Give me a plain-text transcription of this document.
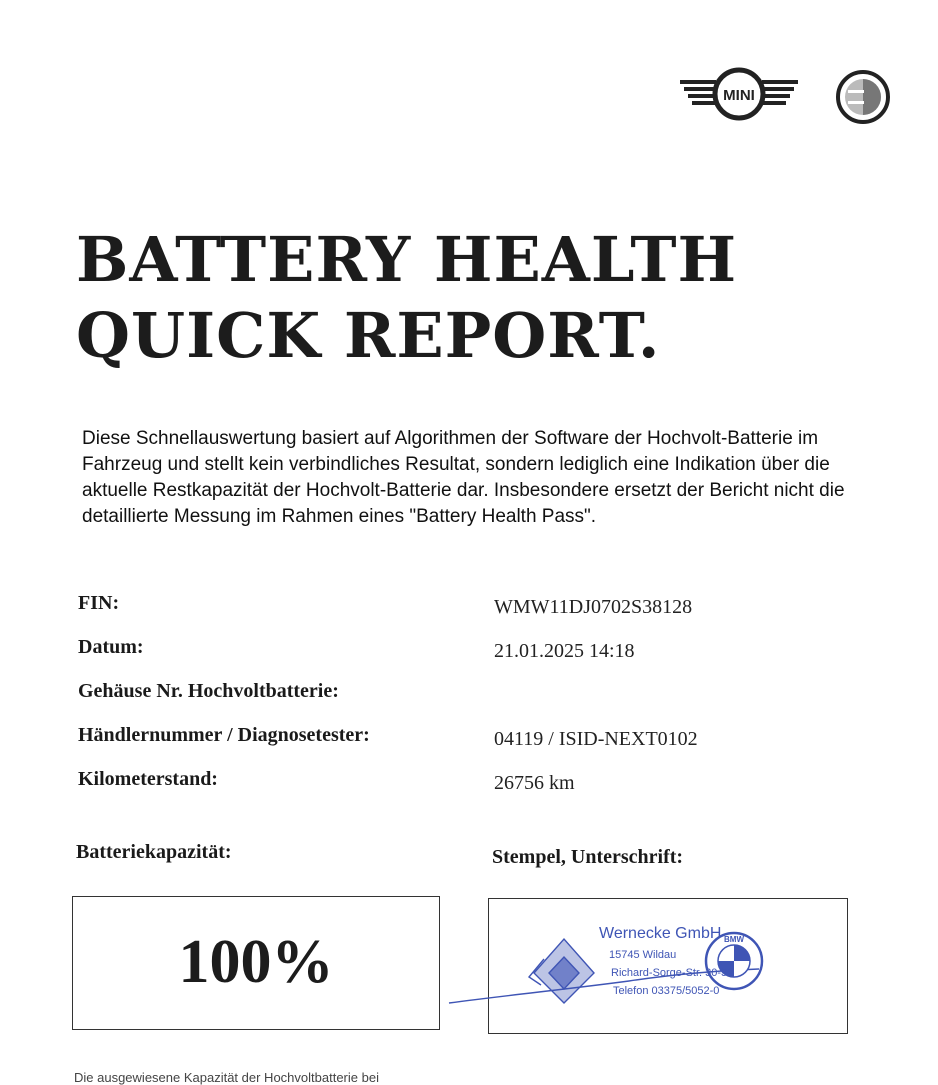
MINI
BATTERY HEALTH
QUICK REPORT.

Diese Schnellauswertung basiert auf Algorithmen der Software der Hochvolt-Batterie im Fahrzeug und stellt kein verbindliches Resultat, sondern lediglich eine Indikation über die aktuelle Restkapazität der Hochvolt-Batterie dar. Insbesondere ersetzt der Bericht nicht die detaillierte Messung im Rahmen eines "Battery Health Pass".

FIN:	WMW11DJ0702S38128
Datum:	21.01.2025 14:18
Gehäuse Nr. Hochvoltbatterie:
Händlernummer / Diagnosetester:	04119 / ISID-NEXT0102
Kilometerstand:	26756 km
Batteriekapazität:	Stempel, Unterschrift:
100%	BMW
Wernecke GmbH
15745 Wildau
Richard-Sorge-Str. 30-32
Telefon 03375/5052-0
Die ausgewiesene Kapazität der Hochvoltbatterie bei
